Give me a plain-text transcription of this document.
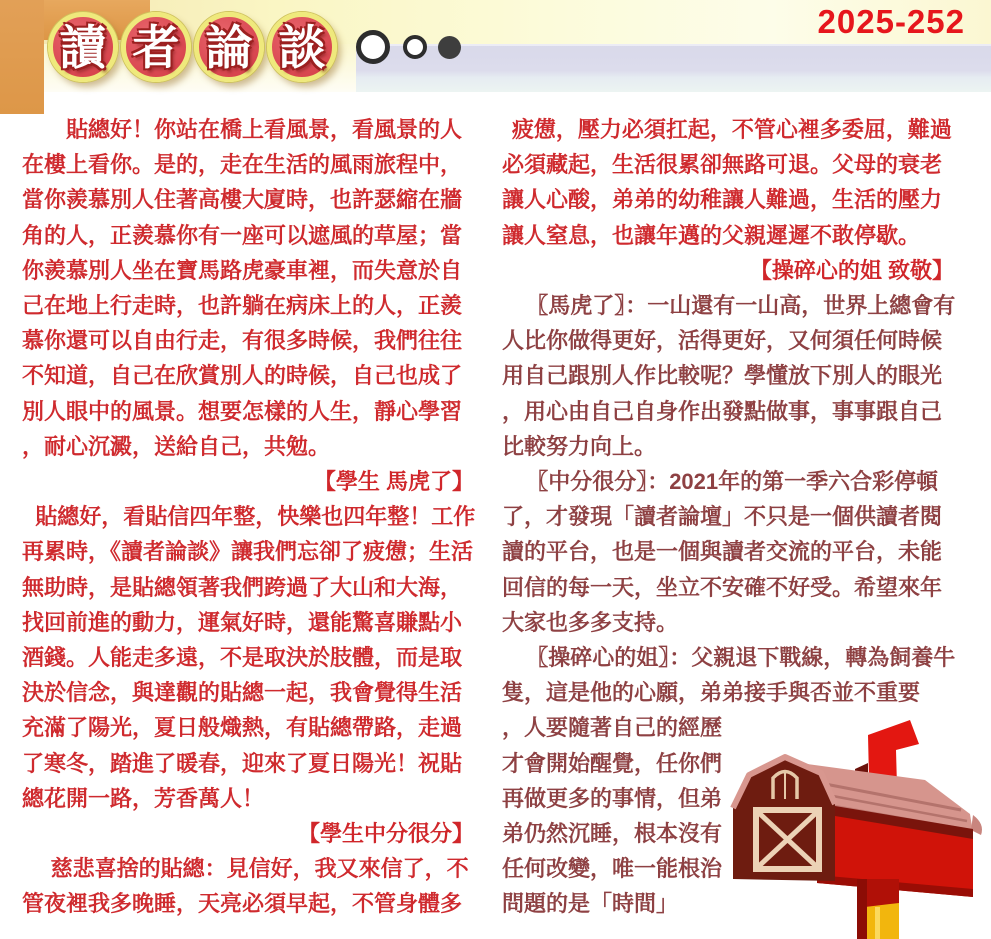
讀 者 論 談	2025-252

貼總好！你站在橋上看風景，看風景的人在樓上看你。是的，走在生活的風雨旅程中，當你羨慕別人住著高樓大廈時，也許瑟縮在牆角的人，正羨慕你有一座可以遮風的草屋；當你羨慕別人坐在寶馬路虎豪車裡，而失意於自己在地上行走時，也許躺在病床上的人，正羨慕你還可以自由行走，有很多時候，我們往往不知道，自己在欣賞別人的時候，自己也成了別人眼中的風景。想要怎樣的人生，靜心學習，耐心沉澱，送給自己，共勉。

【學生 馬虎了】

貼總好，看貼信四年整，快樂也四年整！工作再累時，《讀者論談》讓我們忘卻了疲憊；生活無助時，是貼總領著我們跨過了大山和大海，找回前進的動力，運氣好時，還能驚喜賺點小酒錢。人能走多遠，不是取決於肢體，而是取決於信念，與達觀的貼總一起，我會覺得生活充滿了陽光，夏日般熾熱，有貼總帶路，走過了寒冬，踏進了暖春，迎來了夏日陽光！祝貼總花開一路，芳香萬人！

【學生中分很分】

慈悲喜捨的貼總：見信好，我又來信了，不管夜裡我多晚睡，天亮必須早起，不管身體多

疲憊，壓力必須扛起，不管心裡多委屈，難過必須藏起，生活很累卻無路可退。父母的衰老讓人心酸，弟弟的幼稚讓人難過，生活的壓力讓人窒息，也讓年邁的父親遲遲不敢停歇。

【操碎心的姐 致敬】

〖馬虎了〗：一山還有一山高，世界上總會有人比你做得更好，活得更好，又何須任何時候用自己跟別人作比較呢？學懂放下別人的眼光，用心由自己自身作出發點做事，事事跟自己比較努力向上。

〖中分很分〗：2021年的第一季六合彩停頓了，才發現「讀者論壇」不只是一個供讀者閱讀的平台，也是一個與讀者交流的平台，未能回信的每一天，坐立不安確不好受。希望來年大家也多多支持。

〖操碎心的姐〗：父親退下戰線，轉為飼養牛隻，這是他的心願，弟弟接手與否並不重要

，人要隨著自己的經歷才會開始醒覺，任你們再做更多的事情，但弟弟仍然沉睡，根本沒有任何改變，唯一能根治問題的是「時間」
